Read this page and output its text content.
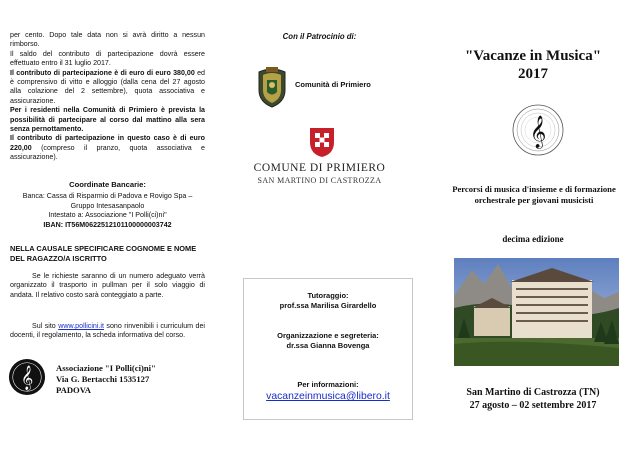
per cento. Dopo tale data non si avrà diritto a nessun rimborso.
Il saldo del contributo di partecipazione dovrà essere effettuato entro il 31 luglio 2017.
Il contributo di partecipazione è di euro di euro 380,00 ed è comprensivo di vitto e alloggio (dalla cena del 27 agosto alla colazione del 2 settembre), quota associativa e assicurazione.
Per i residenti nella Comunità di Primiero è prevista la possibilità di partecipare al corso dal mattino alla sera senza pernottamento.
Il contributo di partecipazione in questo caso è di euro 220,00 (compreso il pranzo, quota associativa e assicurazione).

Coordinate Bancarie:
Banca: Cassa di Risparmio di Padova e Rovigo Spa – Gruppo Intesasanpaolo
Intestato a: Associazione "I Polli(ci)ni"
IBAN: IT56M0622512101100000003742
NELLA CAUSALE SPECIFICARE COGNOME E NOME DEL RAGAZZO/A ISCRITTO

Se le richieste saranno di un numero adeguato verrà organizzato il trasporto in pullman per il solo viaggio di andata. Il relativo costo sarà conteggiato a parte.

Sul sito www.pollicini.it sono rinvenibili i curriculum dei docenti, il regolamento, la scheda informativa del corso.

𝄞	Associazione "I Polli(ci)ni"
Via G. Bertacchi 1535127
PADOVA
Con il Patrocinio di:
Comunità di Primiero
COMUNE DI PRIMIERO
SAN MARTINO DI CASTROZZA
Tutoraggio:
prof.ssa Marilisa Girardello
Organizzazione e segreteria:
dr.ssa Gianna Bovenga
Per informazioni:
vacanzeinmusica@libero.it
"Vacanze in Musica"
2017
𝄞
Percorsi di musica d'insieme e di formazione orchestrale per giovani musicisti
decima edizione
San Martino di Castrozza (TN)
27 agosto – 02 settembre 2017
